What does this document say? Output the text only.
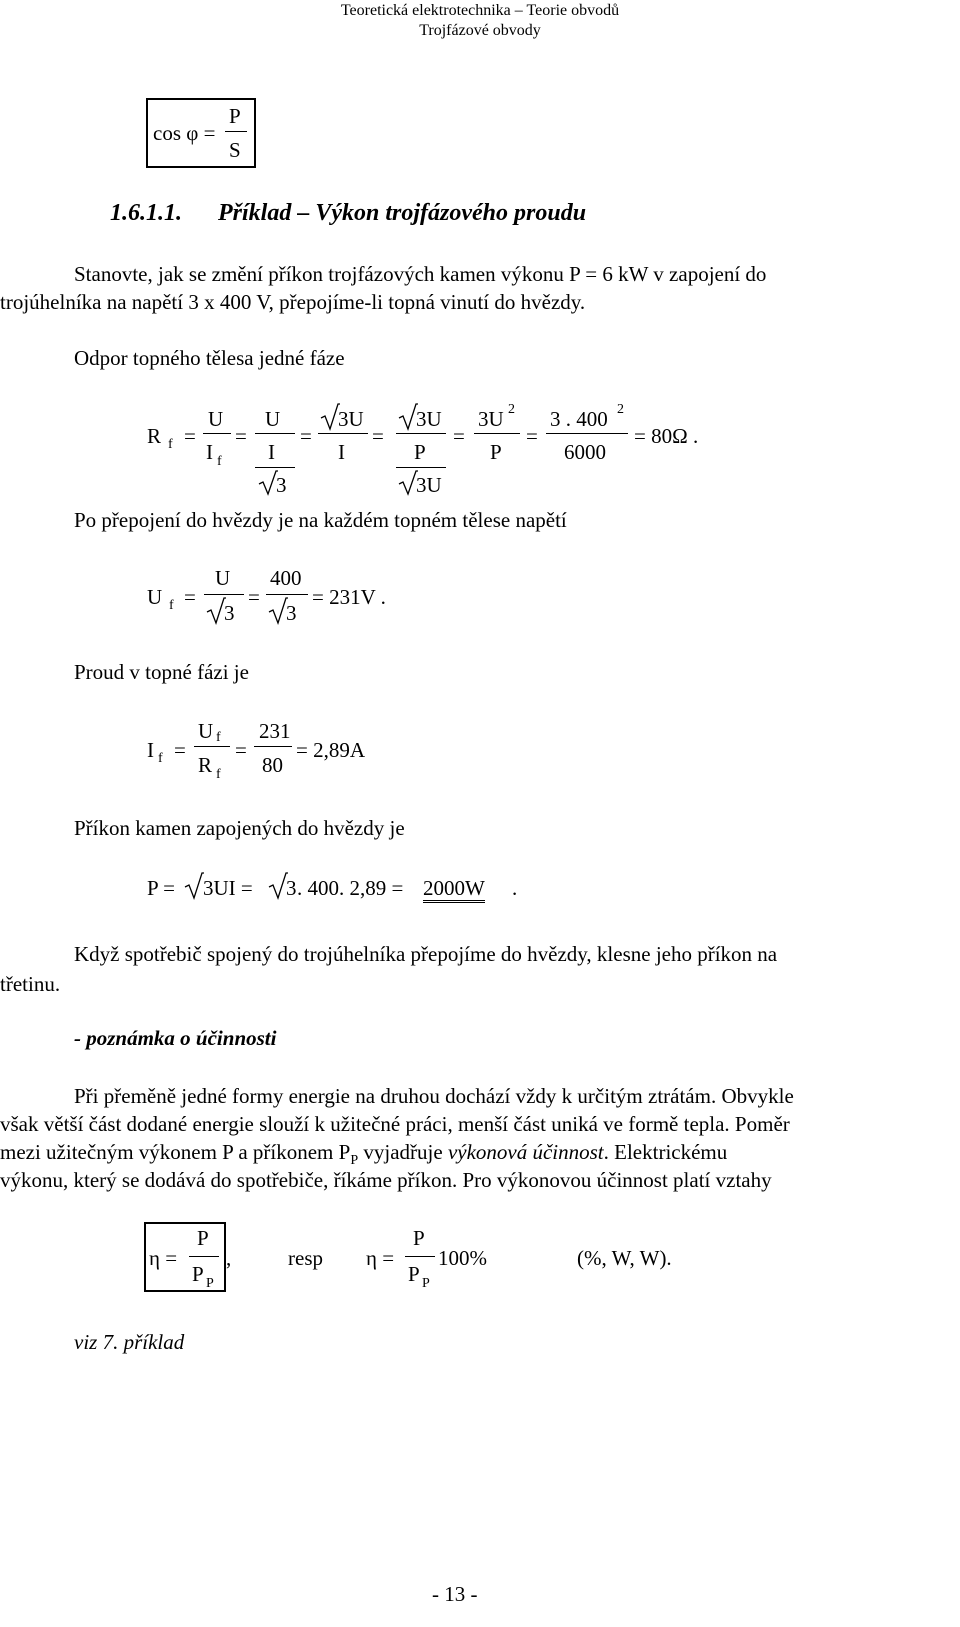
Teoretická elektrotechnika – Teorie obvodů
Trojfázové obvody
cos φ =
P
S
1.6.1.1. Příklad – Výkon trojfázového proudu
Stanovte, jak se změní příkon trojfázových kamen výkonu P = 6 kW v zapojení do
trojúhelníka na napětí 3 x 400 V, přepojíme-li topná vinutí do hvězdy.
Odpor topného tělesa jedné fáze
R f =
U
I f
=
U
I
3
=
3U
I
=
3U
P
3U
=
3U 2
P
=
3 . 400 2
6000
= 80Ω .
Po přepojení do hvězdy je na každém topném tělese napětí
U f =
U
3
=
400
3
= 231V .
Proud v topné fázi je
I f =
U f
R f
=
231
80
= 2,89A
Příkon kamen zapojených do hvězdy je
P = 3UI = 3 . 400. 2,89 = 2000W .
Když spotřebič spojený do trojúhelníka přepojíme do hvězdy, klesne jeho příkon na
třetinu.
- poznámka o účinnosti
Při přeměně jedné formy energie na druhou dochází vždy k určitým ztrátám. Obvykle
však větší část dodané energie slouží k užitečné práci, menší část uniká ve formě tepla. Poměr
mezi užitečným výkonem P a příkonem $P_P$ vyjadřuje výkonová účinnost. Elektrickému
výkonu, který se dodává do spotřebiče, říkáme příkon. Pro výkonovou účinnost platí vztahy
η =
P
P P
,	resp η =
P
P P
100%	(%, W, W).
viz 7. příklad
- 13 -
